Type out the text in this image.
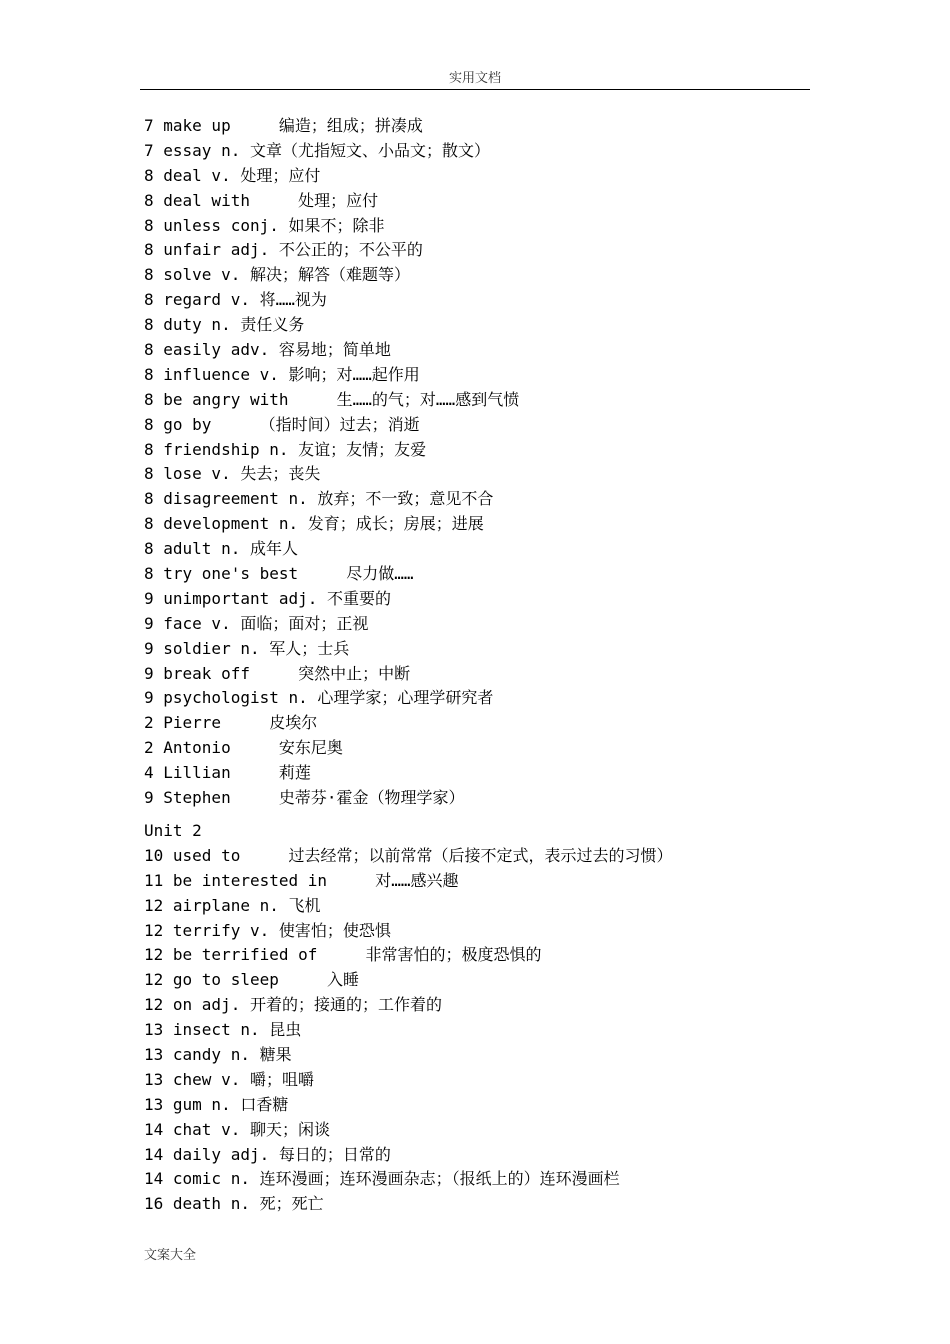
实用文档
7 make up     编造；组成；拼凑成
7 essay n. 文章（尤指短文、小品文；散文）
8 deal v. 处理；应付
8 deal with     处理；应付
8 unless conj. 如果不；除非
8 unfair adj. 不公正的；不公平的
8 solve v. 解决；解答（难题等）
8 regard v. 将……视为
8 duty n. 责任义务
8 easily adv. 容易地；简单地
8 influence v. 影响；对……起作用
8 be angry with     生……的气；对……感到气愤
8 go by     （指时间）过去；消逝
8 friendship n. 友谊；友情；友爱
8 lose v. 失去；丧失
8 disagreement n. 放弃；不一致；意见不合
8 development n. 发育；成长；房展；进展
8 adult n. 成年人
8 try one's best     尽力做……
9 unimportant adj. 不重要的
9 face v. 面临；面对；正视
9 soldier n. 军人；士兵
9 break off     突然中止；中断
9 psychologist n. 心理学家；心理学研究者
2 Pierre     皮埃尔
2 Antonio     安东尼奥
4 Lillian     莉莲
9 Stephen     史蒂芬·霍金（物理学家）
Unit 2
10 used to     过去经常；以前常常（后接不定式，表示过去的习惯）
11 be interested in     对……感兴趣
12 airplane n. 飞机
12 terrify v. 使害怕；使恐惧
12 be terrified of     非常害怕的；极度恐惧的
12 go to sleep     入睡
12 on adj. 开着的；接通的；工作着的
13 insect n. 昆虫
13 candy n. 糖果
13 chew v. 嚼；咀嚼
13 gum n. 口香糖
14 chat v. 聊天；闲谈
14 daily adj. 每日的；日常的
14 comic n. 连环漫画；连环漫画杂志；（报纸上的）连环漫画栏
16 death n. 死；死亡
文案大全
